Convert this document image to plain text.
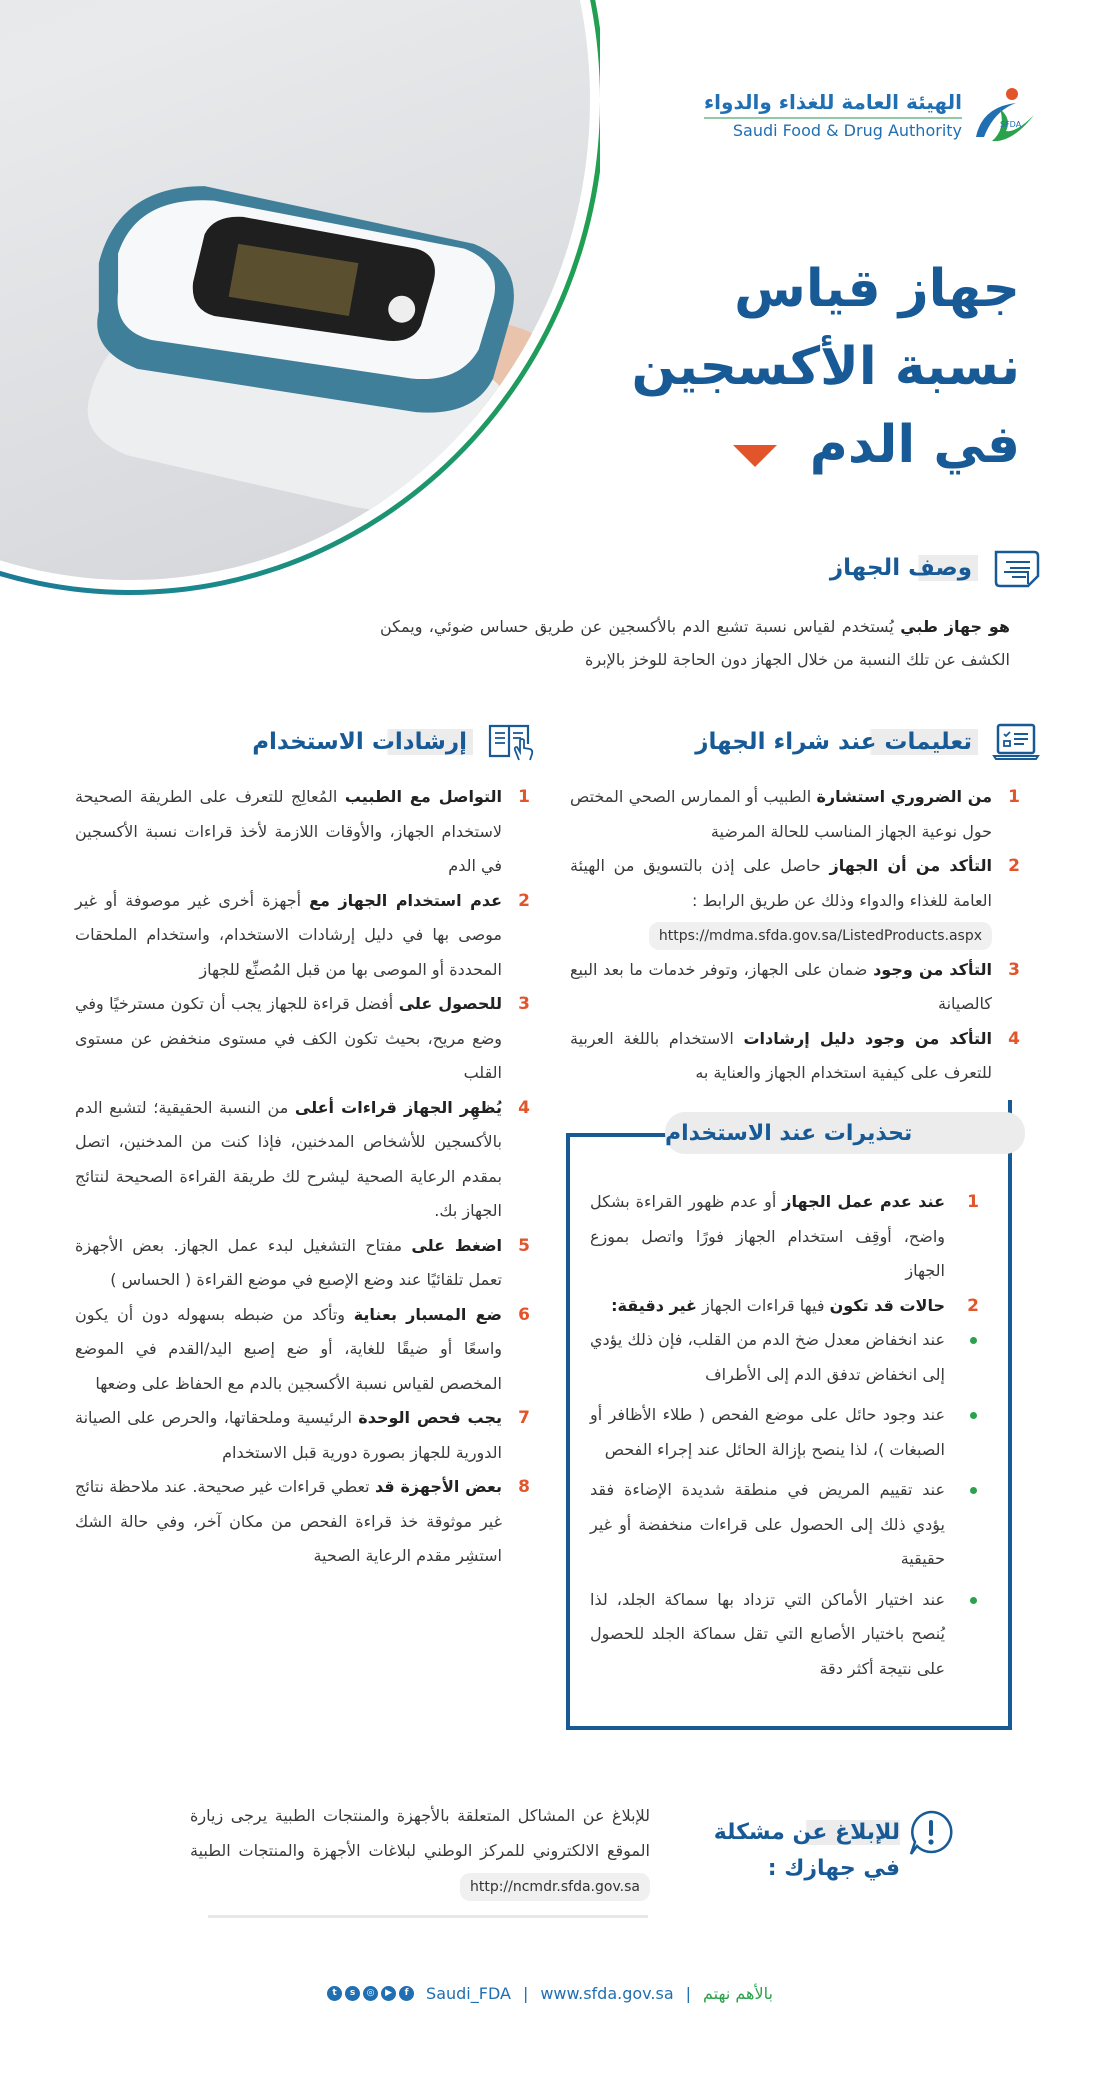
الهيئة العامة للغذاء والدواء
Saudi Food & Drug Authority	SFDA
جهاز قياس
نسبة الأكسجين
في الدم
وصف الجهاز

هو جهاز طبي يُستخدم لقياس نسبة تشبع الدم بالأكسجين عن طريق حساس ضوئي، ويمكن الكشف عن تلك النسبة من خلال الجهاز دون الحاجة للوخز بالإبرة

تعليمات عند شراء الجهاز
1
من الضروري استشارة الطبيب أو الممارس الصحي المختص حول نوعية الجهاز المناسب للحالة المرضية
2
التأكد من أن الجهاز حاصل على إذن بالتسويق من الهيئة العامة للغذاء والدواء وذلك عن طريق الرابط :
https://mdma.sfda.gov.sa/ListedProducts.aspx
3
التأكد من وجود ضمان على الجهاز، وتوفر خدمات ما بعد البيع كالصيانة
4
التأكد من وجود دليل إرشادات الاستخدام باللغة العربية للتعرف على كيفية استخدام الجهاز والعناية به
إرشادات الاستخدام
1
التواصل مع الطبيب المُعالِج للتعرف على الطريقة الصحيحة لاستخدام الجهاز، والأوقات اللازمة لأخذ قراءات نسبة الأكسجين في الدم
2
عدم استخدام الجهاز مع أجهزة أخرى غير موصوفة أو غير موصى بها في دليل إرشادات الاستخدام، واستخدام الملحقات المحددة أو الموصى بها من قبل المُصنِّع للجهاز
3
للحصول على أفضل قراءة للجهاز يجب أن تكون مسترخيًا وفي وضع مريح، بحيث تكون الكف في مستوى منخفض عن مستوى القلب
4
يُظهِر الجهاز قراءات أعلى من النسبة الحقيقية؛ لتشبع الدم بالأكسجين للأشخاص المدخنين، فإذا كنت من المدخنين، اتصل بمقدم الرعاية الصحية ليشرح لك طريقة القراءة الصحيحة لنتائج الجهاز بك.
5
اضغط على مفتاح التشغيل لبدء عمل الجهاز. بعض الأجهزة تعمل تلقائيًا عند وضع الإصبع في موضع القراءة ( الحساس )
6
ضع المسبار بعناية وتأكد من ضبطه بسهوله دون أن يكون واسعًا أو ضيقًا للغاية، أو ضع إصبع اليد/القدم في الموضع المخصص لقياس نسبة الأكسجين بالدم مع الحفاظ على وضعها
7
يجب فحص الوحدة الرئيسية وملحقاتها، والحرص على الصيانة الدورية للجهاز بصورة دورية قبل الاستخدام
8
بعض الأجهزة قد تعطي قراءات غير صحيحة. عند ملاحظة نتائج غير موثوقة خذ قراءة الفحص من مكان آخر، وفي حالة الشك استشِر مقدم الرعاية الصحية
تحذيرات عند الاستخدام
1
عند عدم عمل الجهاز أو عدم ظهور القراءة بشكل واضح، أوقِف استخدام الجهاز فورًا واتصل بموزع الجهاز
2
حالات قد تكون فيها قراءات الجهاز غير دقيقة:
عند انخفاض معدل ضخ الدم من القلب، فإن ذلك يؤدي إلى انخفاض تدفق الدم إلى الأطراف
عند وجود حائل على موضع الفحص ( طلاء الأظافر أو الصبغات )، لذا ينصح بإزالة الحائل عند إجراء الفحص
عند تقييم المريض في منطقة شديدة الإضاءة فقد يؤدي ذلك إلى الحصول على قراءات منخفضة أو غير حقيقية
عند اختيار الأماكن التي تزداد بها سماكة الجلد، لذا يُنصح باختيار الأصابع التي تقل سماكة الجلد للحصول على نتيجة أكثر دقة
للإبلاغ عن مشكلة
في جهازك :

للإبلاغ عن المشاكل المتعلقة بالأجهزة والمنتجات الطبية يرجى زيارة الموقع الالكتروني للمركز الوطني لبلاغات الأجهزة والمنتجات الطبية http://ncmdr.sfda.gov.sa

t	s	◎	▶	f	Saudi_FDA | www.sfda.gov.sa | بالأهم نهتم
